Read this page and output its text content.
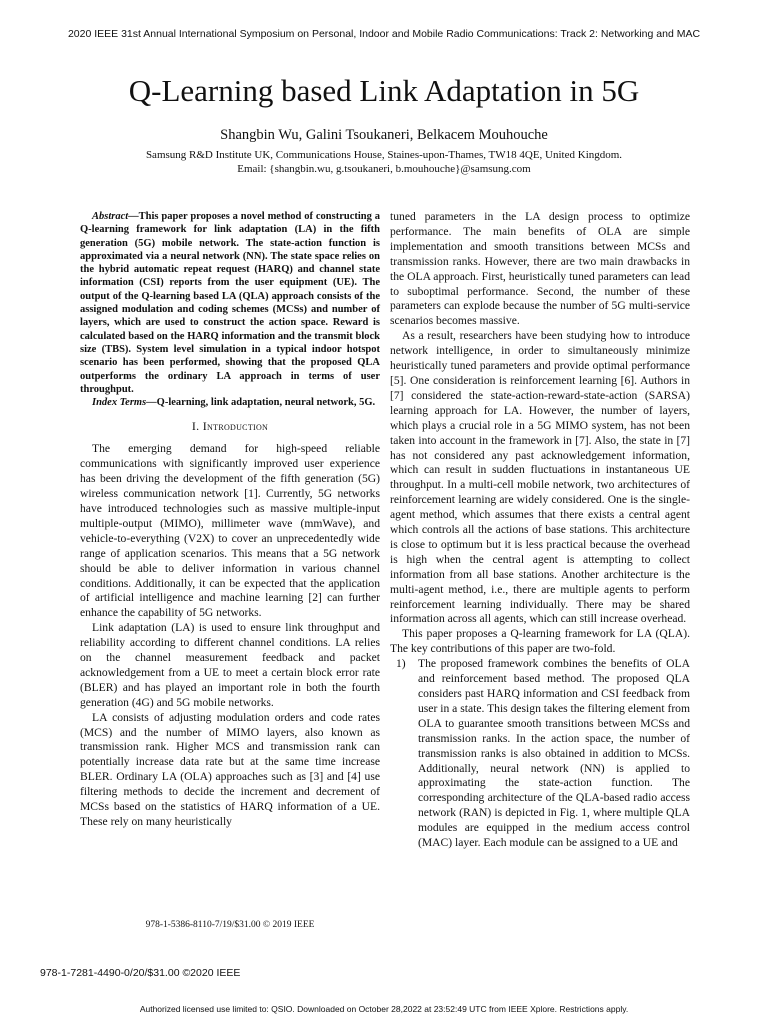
2020 IEEE 31st Annual International Symposium on Personal, Indoor and Mobile Radio Communications: Track 2: Networking and MAC
Q-Learning based Link Adaptation in 5G
Shangbin Wu, Galini Tsoukaneri, Belkacem Mouhouche
Samsung R&D Institute UK, Communications House, Staines-upon-Thames, TW18 4QE, United Kingdom.
Email: {shangbin.wu, g.tsoukaneri, b.mouhouche}@samsung.com

Abstract—This paper proposes a novel method of constructing a Q-learning framework for link adaptation (LA) in the fifth generation (5G) mobile network. The state-action function is approximated via a neural network (NN). The state space relies on the hybrid automatic repeat request (HARQ) and channel state information (CSI) reports from the user equipment (UE). The output of the Q-learning based LA (QLA) approach consists of the assigned modulation and coding schemes (MCSs) and number of layers, which are used to construct the action space. Reward is calculated based on the HARQ information and the transmit block size (TBS). System level simulation in a typical indoor hotspot scenario has been performed, showing that the proposed QLA outperforms the ordinary LA approach in terms of user throughput.

Index Terms—Q-learning, link adaptation, neural network, 5G.

I. Introduction

The emerging demand for high-speed reliable communications with significantly improved user experience has been driving the development of the fifth generation (5G) wireless communication network [1]. Currently, 5G networks have introduced technologies such as massive multiple-input multiple-output (MIMO), millimeter wave (mmWave), and vehicle-to-everything (V2X) to cover an unprecedentedly wide range of application scenarios. This means that a 5G network should be able to deliver information in various channel conditions. Additionally, it can be expected that the application of artificial intelligence and machine learning [2] can further enhance the capability of 5G networks.

Link adaptation (LA) is used to ensure link throughput and reliability according to different channel conditions. LA relies on the channel measurement feedback and packet acknowledgement from a UE to meet a certain block error rate (BLER) and has played an important role in both the fourth generation (4G) and 5G mobile networks.

LA consists of adjusting modulation orders and code rates (MCS) and the number of MIMO layers, also known as transmission rank. Higher MCS and transmission rank can potentially increase data rate but at the same time increase BLER. Ordinary LA (OLA) approaches such as [3] and [4] use filtering methods to decide the increment and decrement of MCSs based on the statistics of HARQ information of a UE. These rely on many heuristically

tuned parameters in the LA design process to optimize performance. The main benefits of OLA are simple implementation and smooth transitions between MCSs and transmission ranks. However, there are two main drawbacks in the OLA approach. First, heuristically tuned parameters can lead to suboptimal performance. Second, the number of these parameters can explode because the number of 5G multi-service scenarios becomes massive.

As a result, researchers have been studying how to introduce network intelligence, in order to simultaneously minimize heuristically tuned parameters and provide optimal performance [5]. One consideration is reinforcement learning [6]. Authors in [7] considered the state-action-reward-state-action (SARSA) learning approach for LA. However, the number of layers, which plays a crucial role in a 5G MIMO system, has not been taken into account in the framework in [7]. Also, the state in [7] has not considered any past acknowledgement information, which can result in sudden fluctuations in instantaneous UE throughput. In a multi-cell mobile network, two architectures of reinforcement learning are widely considered. One is the single-agent method, which assumes that there exists a central agent which controls all the actions of base stations. This architecture is close to optimum but it is less practical because the overhead is high when the central agent is attempting to collect information from all base stations. Another architecture is the multi-agent method, i.e., there are multiple agents to perform reinforcement learning individually. There may be shared information across all agents, which can still increase overhead.

This paper proposes a Q-learning framework for LA (QLA). The key contributions of this paper are two-fold.

1)	The proposed framework combines the benefits of OLA and reinforcement based method. The proposed QLA considers past HARQ information and CSI feedback from user in a state. This design takes the filtering element from OLA to guarantee smooth transitions between MCSs and transmission ranks. In the action space, the number of transmission ranks is also obtained in addition to MCSs. Additionally, neural network (NN) is applied to approximating the state-action function. The corresponding architecture of the QLA-based radio access network (RAN) is depicted in Fig. 1, where multiple QLA modules are equipped in the medium access control (MAC) layer. Each module can be assigned to a UE and
978-1-5386-8110-7/19/$31.00 © 2019 IEEE
978-1-7281-4490-0/20/$31.00 ©2020 IEEE
Authorized licensed use limited to: QSIO. Downloaded on October 28,2022 at 23:52:49 UTC from IEEE Xplore. Restrictions apply.
